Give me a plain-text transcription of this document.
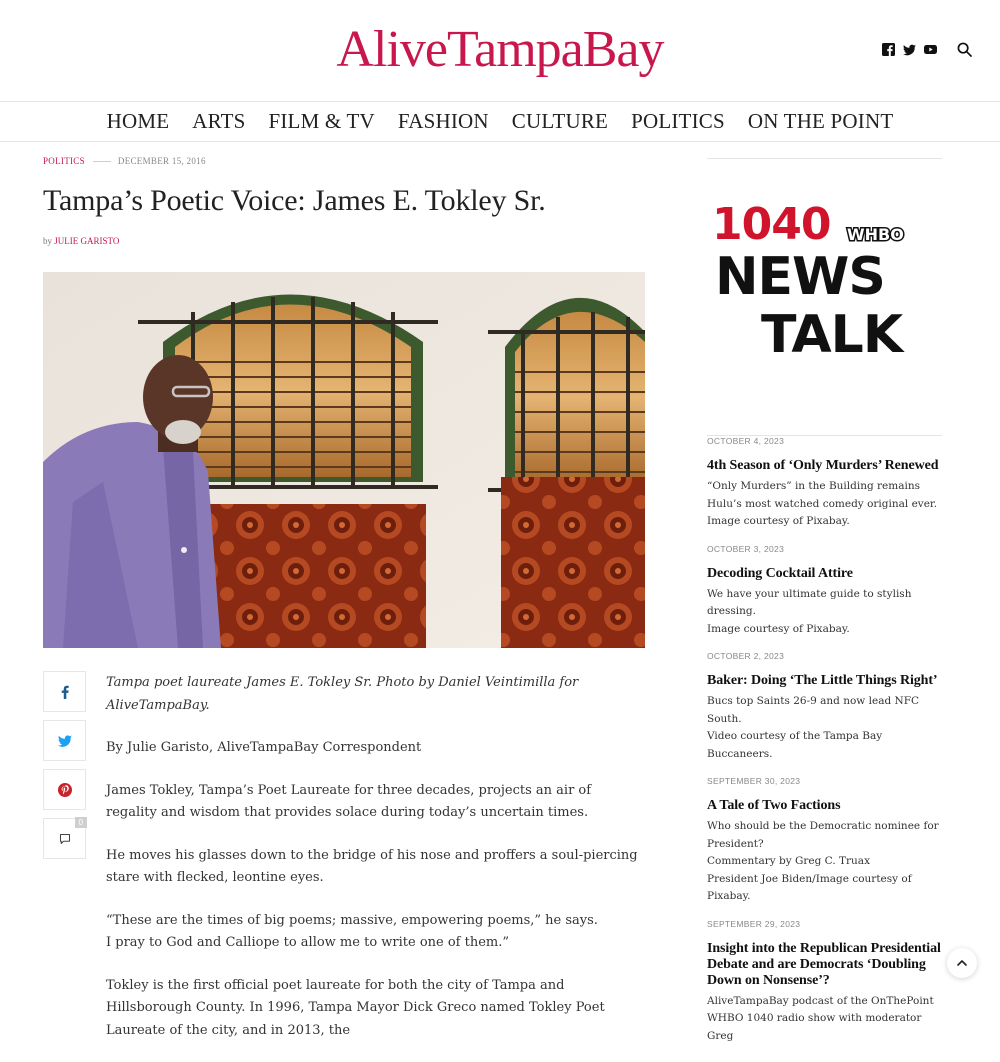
AliveTampaBay
HOME ARTS FILM & TV FASHION CULTURE POLITICS ON THE POINT
POLITICS	DECEMBER 15, 2016
Tampa’s Poetic Voice: James E. Tokley Sr.
by JULIE GARISTO
0

Tampa poet laureate James E. Tokley Sr. Photo by Daniel Veintimilla for AliveTampaBay.

By Julie Garisto, AliveTampaBay Correspondent

James Tokley, Tampa’s Poet Laureate for three decades, projects an air of regality and wisdom that provides solace during today’s uncertain times.

He moves his glasses down to the bridge of his nose and proffers a soul-piercing stare with flecked, leontine eyes.

“These are the times of big poems; massive, empowering poems,” he says.
I pray to God and Calliope to allow me to write one of them.”

Tokley is the first official poet laureate for both the city of Tampa and Hillsborough County. In 1996, Tampa Mayor Dick Greco named Tokley Poet Laureate of the city, and in 2013, the

1040 WHBO
NEWS
TALK
OCTOBER 4, 2023
4th Season of ‘Only Murders’ Renewed
“Only Murders” in the Building remains Hulu’s most watched comedy original ever.
Image courtesy of Pixabay.
OCTOBER 3, 2023
Decoding Cocktail Attire
We have your ultimate guide to stylish dressing.
Image courtesy of Pixabay.
OCTOBER 2, 2023
Baker: Doing ‘The Little Things Right’
Bucs top Saints 26-9 and now lead NFC South.
Video courtesy of the Tampa Bay Buccaneers.
SEPTEMBER 30, 2023
A Tale of Two Factions
Who should be the Democratic nominee for President?
Commentary by Greg C. Truax
President Joe Biden/Image courtesy of Pixabay.
SEPTEMBER 29, 2023
Insight into the Republican Presidential Debate and are Democrats ‘Doubling Down on Nonsense’?
AliveTampaBay podcast of the OnThePoint WHBO 1040 radio show with moderator Greg
